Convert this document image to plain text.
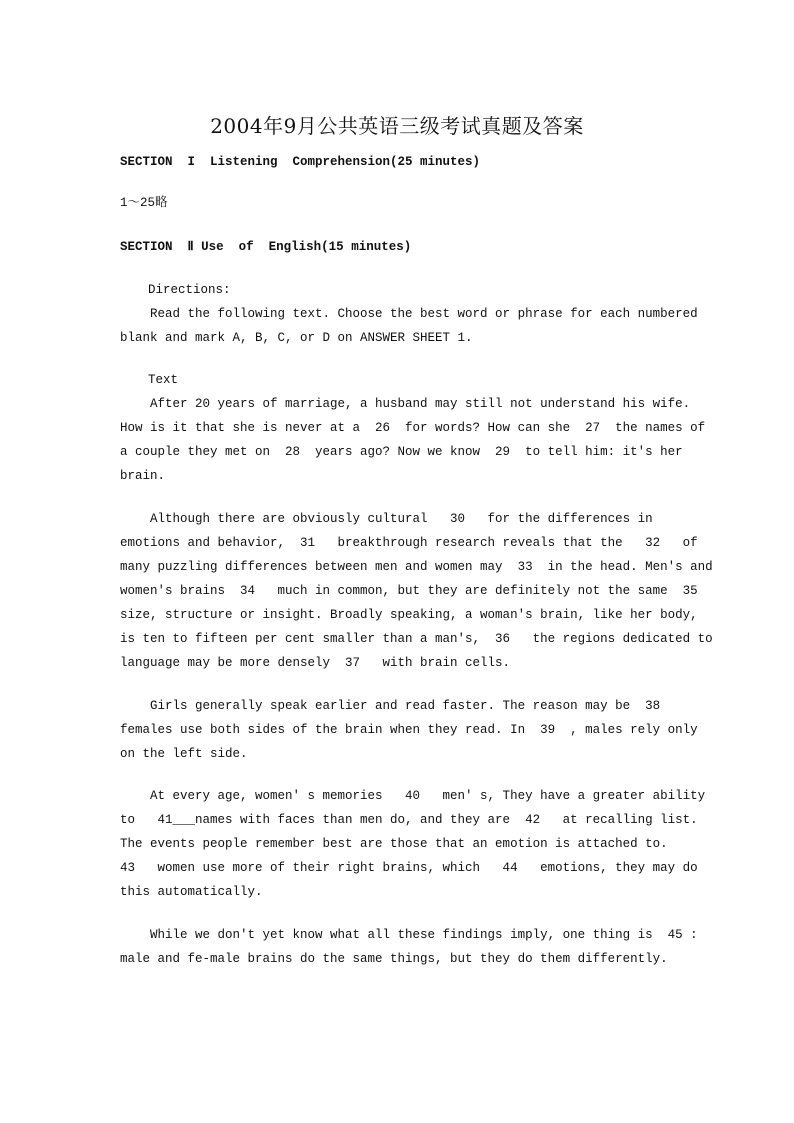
2004年9月公共英语三级考试真题及答案
SECTION  I  Listening  Comprehension(25 minutes)
1～25略
SECTION  Ⅱ Use  of  English(15 minutes)
Directions:
Read the following text. Choose the best word or phrase for each numbered
blank and mark A, B, C, or D on ANSWER SHEET 1.
Text
After 20 years of marriage, a husband may still not understand his wife.
How is it that she is never at a  26  for words? How can she  27  the names of
a couple they met on  28  years ago? Now we know  29  to tell him: it's her
brain.
Although there are obviously cultural   30   for the differences in
emotions and behavior,  31   breakthrough research reveals that the   32   of
many puzzling differences between men and women may  33  in the head. Men's and
women's brains  34   much in common, but they are definitely not the same  35
size, structure or insight. Broadly speaking, a woman's brain, like her body,
is ten to fifteen per cent smaller than a man's,  36   the regions dedicated to
language may be more densely  37   with brain cells.
Girls generally speak earlier and read faster. The reason may be  38
females use both sides of the brain when they read. In  39  , males rely only
on the left side.
At every age, women' s memories   40   men' s, They have a greater ability
to   41___names with faces than men do, and they are  42   at recalling list.
The events people remember best are those that an emotion is attached to.
43   women use more of their right brains, which   44   emotions, they may do
this automatically.
While we don't yet know what all these findings imply, one thing is  45 :
male and fe-male brains do the same things, but they do them differently.
